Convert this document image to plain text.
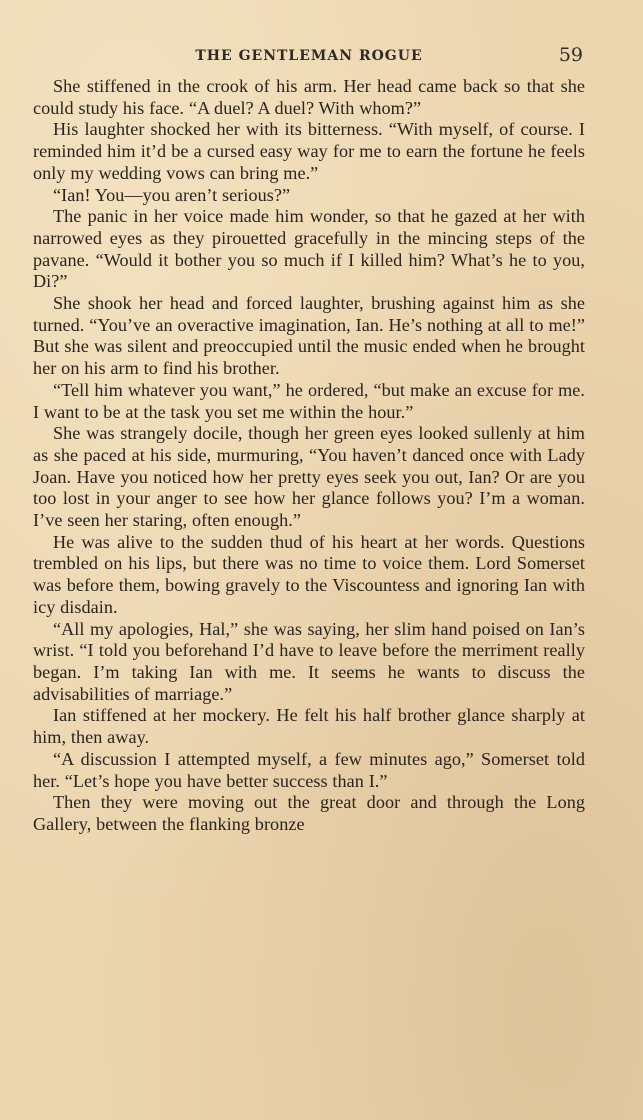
THE GENTLEMAN ROGUE	59

She stiffened in the crook of his arm. Her head came back so that she could study his face. “A duel? A duel? With whom?”

His laughter shocked her with its bitterness. “With myself, of course. I reminded him it’d be a cursed easy way for me to earn the fortune he feels only my wedding vows can bring me.”

“Ian! You—you aren’t serious?”

The panic in her voice made him wonder, so that he gazed at her with narrowed eyes as they pirouetted gracefully in the mincing steps of the pavane. “Would it bother you so much if I killed him? What’s he to you, Di?”

She shook her head and forced laughter, brushing against him as she turned. “You’ve an overactive imagination, Ian. He’s nothing at all to me!” But she was silent and preoccupied until the music ended when he brought her on his arm to find his brother.

“Tell him whatever you want,” he ordered, “but make an excuse for me. I want to be at the task you set me within the hour.”

She was strangely docile, though her green eyes looked sullenly at him as she paced at his side, murmuring, “You haven’t danced once with Lady Joan. Have you noticed how her pretty eyes seek you out, Ian? Or are you too lost in your anger to see how her glance follows you? I’m a woman. I’ve seen her staring, often enough.”

He was alive to the sudden thud of his heart at her words. Questions trembled on his lips, but there was no time to voice them. Lord Somerset was before them, bowing gravely to the Viscountess and ignoring Ian with icy disdain.

“All my apologies, Hal,” she was saying, her slim hand poised on Ian’s wrist. “I told you beforehand I’d have to leave before the merriment really began. I’m taking Ian with me. It seems he wants to discuss the advisabilities of marriage.”

Ian stiffened at her mockery. He felt his half brother glance sharply at him, then away.

“A discussion I attempted myself, a few minutes ago,” Somerset told her. “Let’s hope you have better success than I.”

Then they were moving out the great door and through the Long Gallery, between the flanking bronze
